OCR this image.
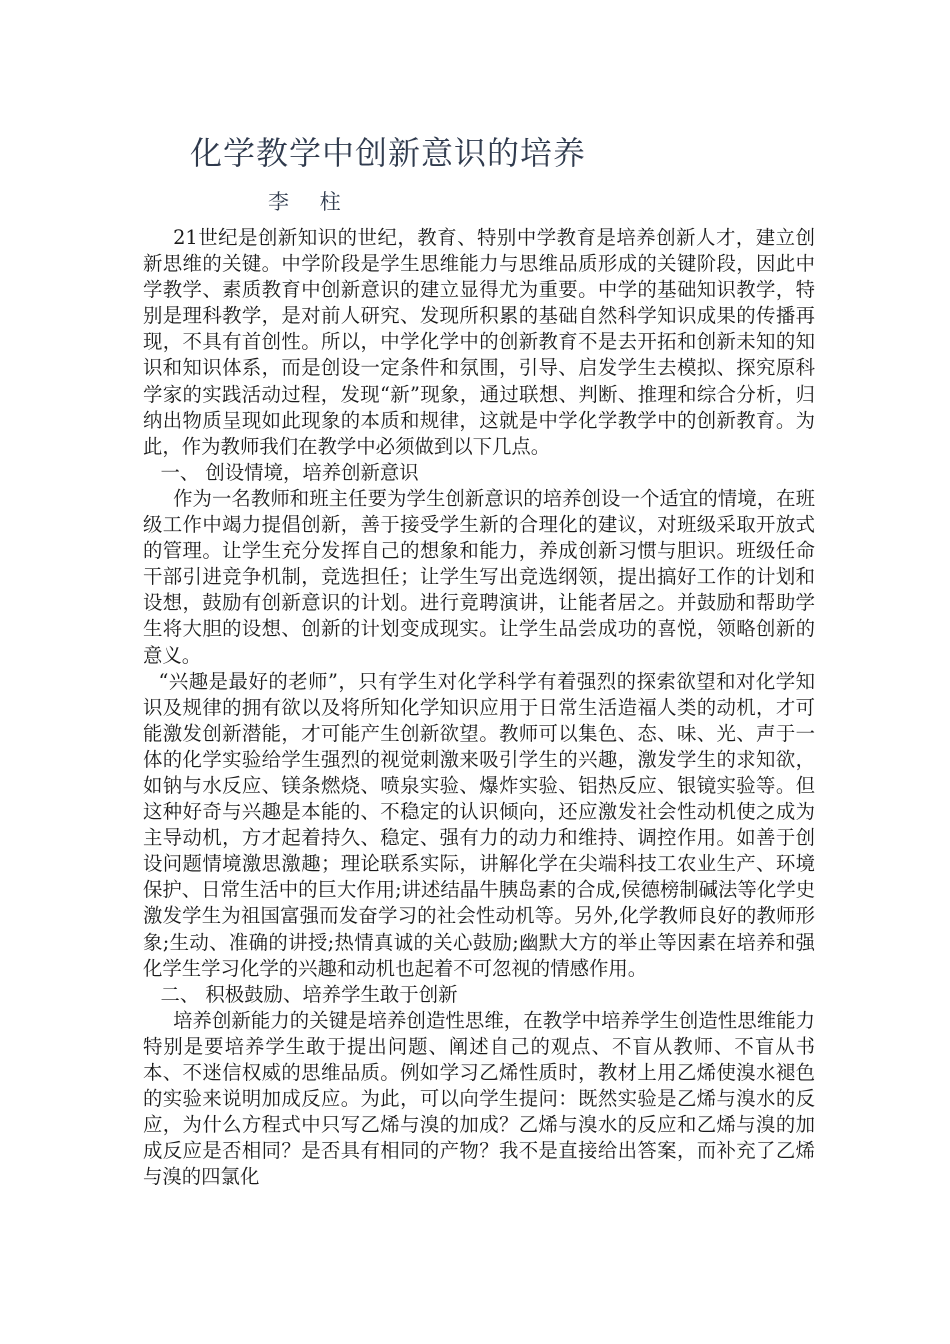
化学教学中创新意识的培养
李 柱

21世纪是创新知识的世纪，教育、特别中学教育是培养创新人才，建立创新思维的关键。中学阶段是学生思维能力与思维品质形成的关键阶段，因此中学教学、素质教育中创新意识的建立显得尤为重要。中学的基础知识教学，特别是理科教学，是对前人研究、发现所积累的基础自然科学知识成果的传播再现，不具有首创性。所以，中学化学中的创新教育不是去开拓和创新未知的知识和知识体系，而是创设一定条件和氛围，引导、启发学生去模拟、探究原科学家的实践活动过程，发现“新”现象，通过联想、判断、推理和综合分析，归纳出物质呈现如此现象的本质和规律，这就是中学化学教学中的创新教育。为此，作为教师我们在教学中必须做到以下几点。

一、 创设情境，培养创新意识

作为一名教师和班主任要为学生创新意识的培养创设一个适宜的情境，在班级工作中竭力提倡创新，善于接受学生新的合理化的建议，对班级采取开放式的管理。让学生充分发挥自己的想象和能力，养成创新习惯与胆识。班级任命干部引进竞争机制，竞选担任；让学生写出竞选纲领，提出搞好工作的计划和设想，鼓励有创新意识的计划。进行竟聘演讲，让能者居之。并鼓励和帮助学生将大胆的设想、创新的计划变成现实。让学生品尝成功的喜悦，领略创新的意义。

“兴趣是最好的老师”，只有学生对化学科学有着强烈的探索欲望和对化学知识及规律的拥有欲以及将所知化学知识应用于日常生活造福人类的动机，才可能激发创新潜能，才可能产生创新欲望。教师可以集色、态、味、光、声于一体的化学实验给学生强烈的视觉刺激来吸引学生的兴趣，激发学生的求知欲，如钠与水反应、镁条燃烧、喷泉实验、爆炸实验、铝热反应、银镜实验等。但这种好奇与兴趣是本能的、不稳定的认识倾向，还应激发社会性动机使之成为主导动机，方才起着持久、稳定、强有力的动力和维持、调控作用。如善于创设问题情境激思激趣；理论联系实际，讲解化学在尖端科技工农业生产、环境保护、日常生活中的巨大作用;讲述结晶牛胰岛素的合成,侯德榜制碱法等化学史激发学生为祖国富强而发奋学习的社会性动机等。另外,化学教师良好的教师形象;生动、准确的讲授;热情真诚的关心鼓励;幽默大方的举止等因素在培养和强化学生学习化学的兴趣和动机也起着不可忽视的情感作用。

二、 积极鼓励、培养学生敢于创新

培养创新能力的关键是培养创造性思维，在教学中培养学生创造性思维能力特别是要培养学生敢于提出问题、阐述自己的观点、不盲从教师、不盲从书本、不迷信权威的思维品质。例如学习乙烯性质时，教材上用乙烯使溴水褪色的实验来说明加成反应。为此，可以向学生提问：既然实验是乙烯与溴水的反应，为什么方程式中只写乙烯与溴的加成？乙烯与溴水的反应和乙烯与溴的加成反应是否相同？是否具有相同的产物？我不是直接给出答案，而补充了乙烯与溴的四氯化
